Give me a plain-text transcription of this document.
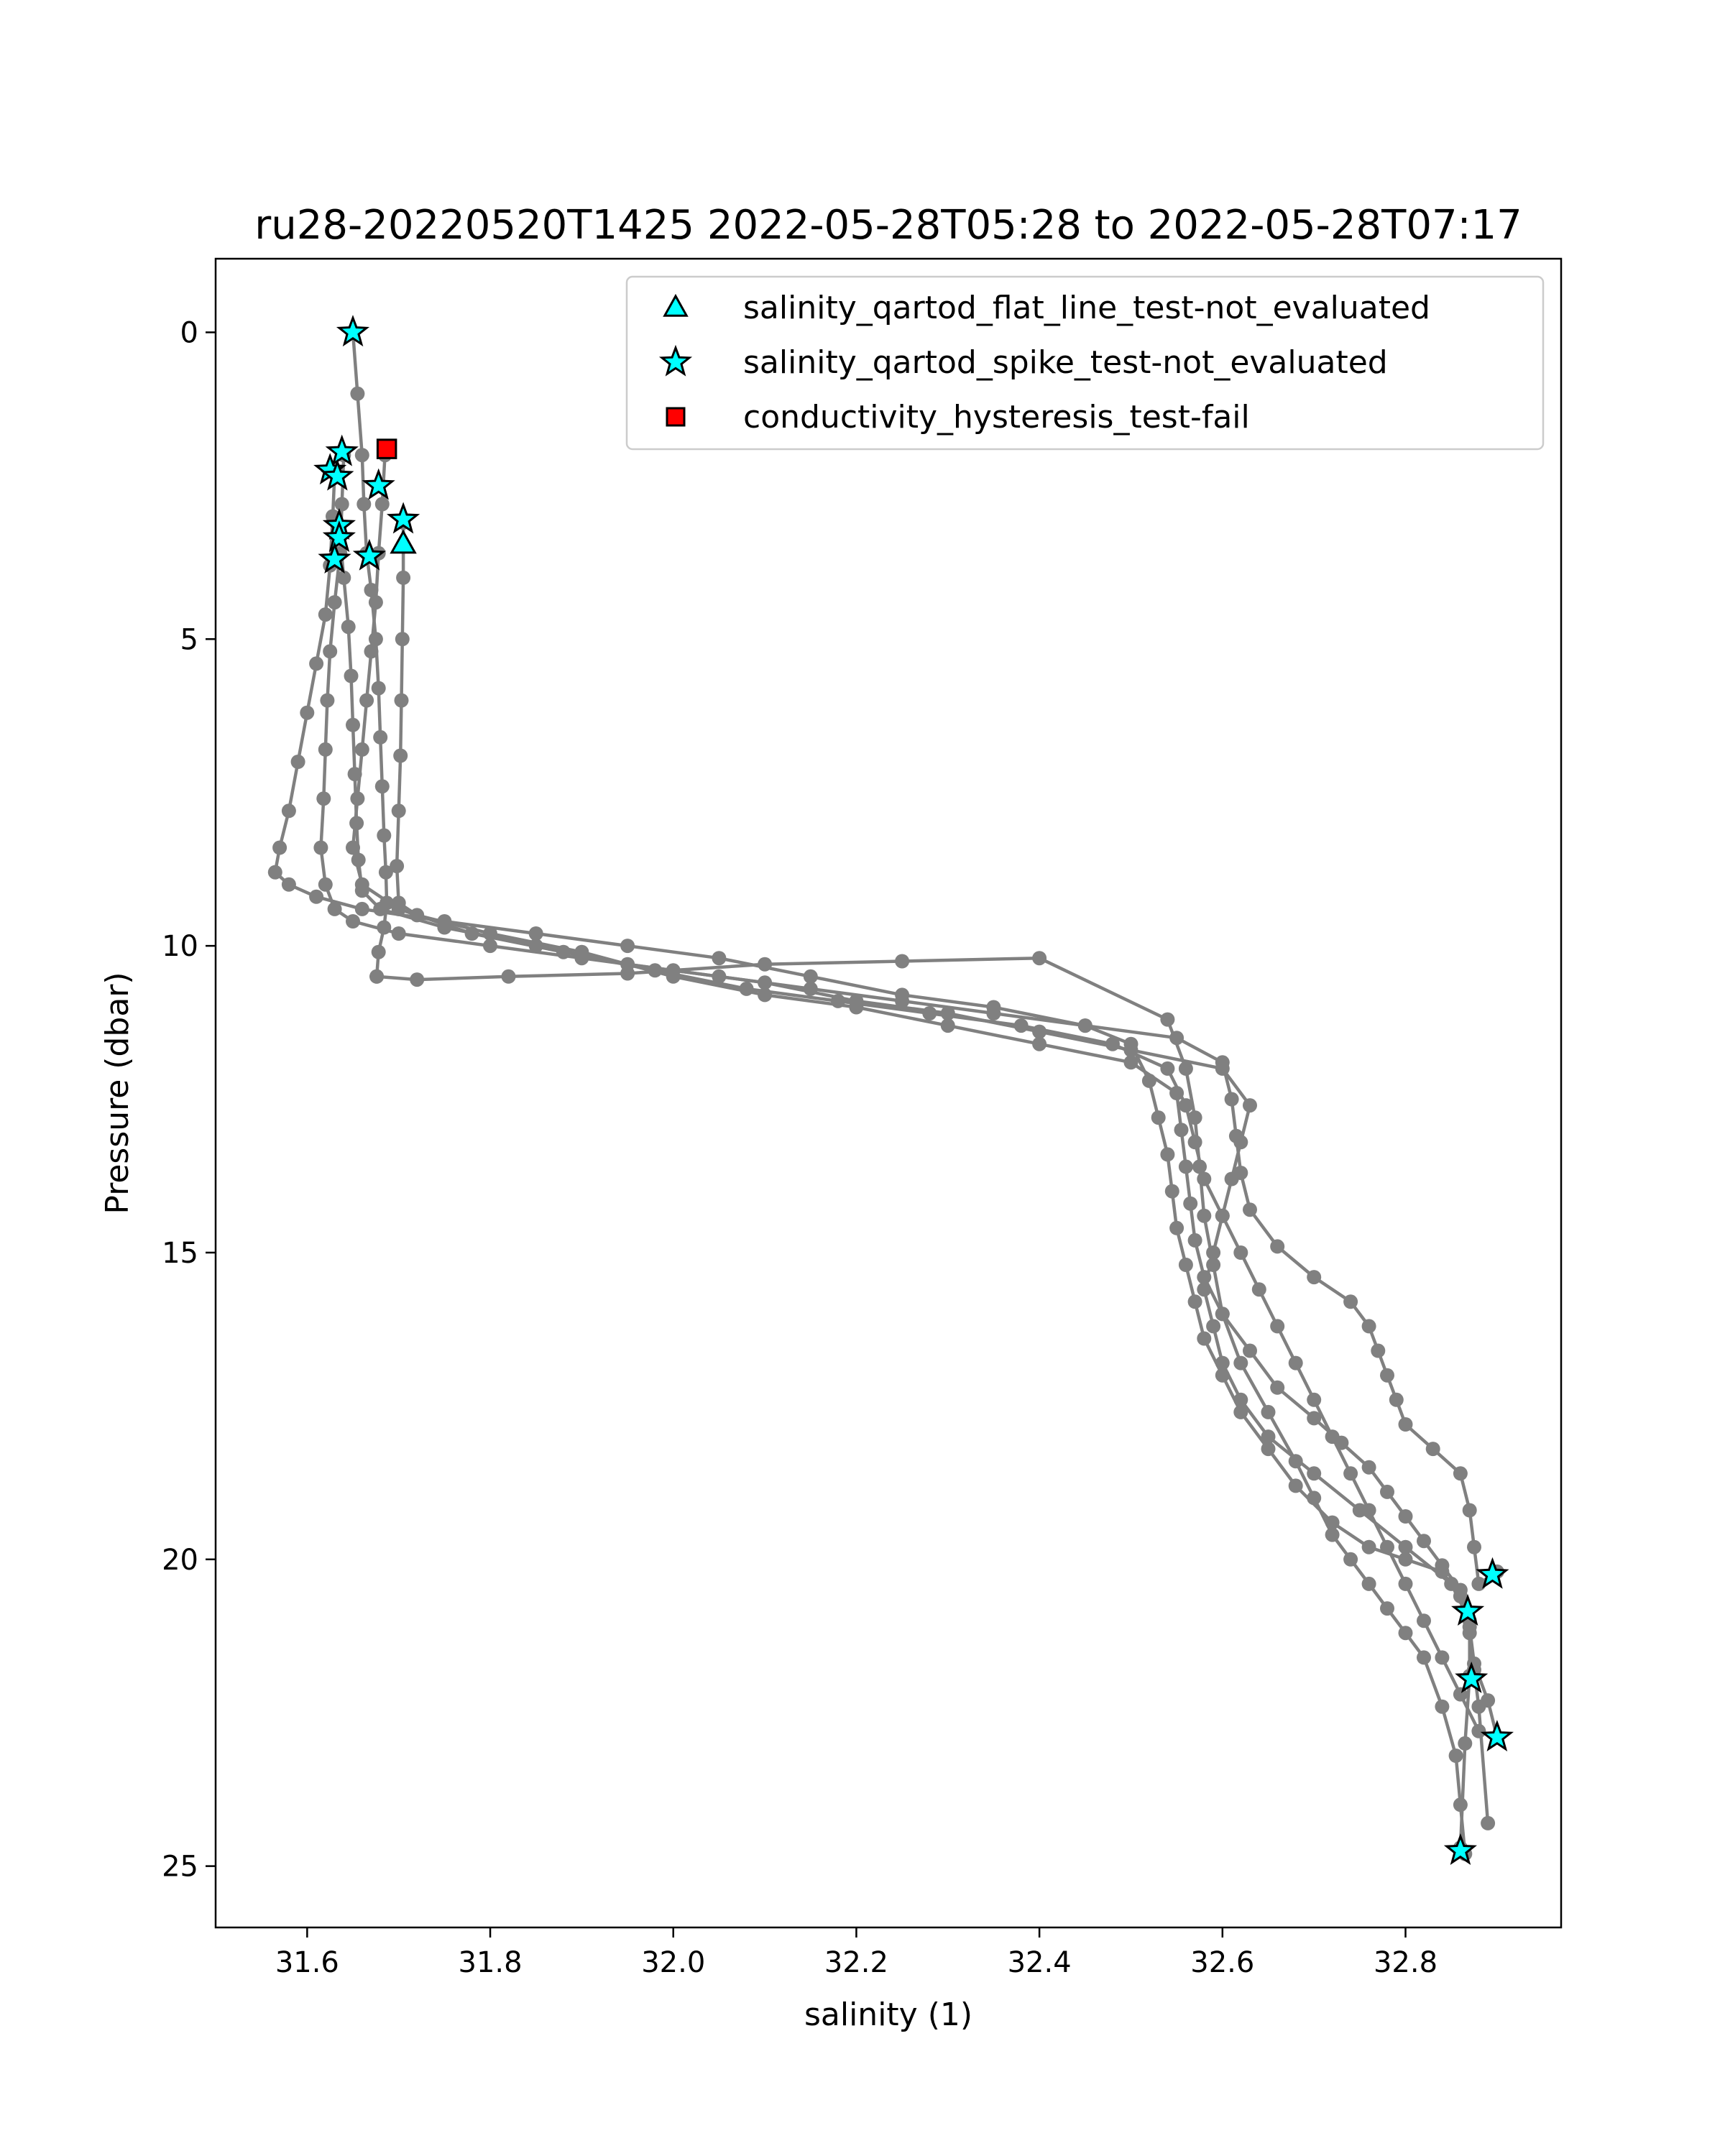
ru28-20220520T1425 2022-05-28T05:28 to 2022-05-28T07:17
31.6	31.8	32.0	32.2	32.4	32.6	32.8
0
5
10
15
20
25
salinity (1)
Pressure (dbar)
salinity_qartod_flat_line_test-not_evaluated
salinity_qartod_spike_test-not_evaluated
conductivity_hysteresis_test-fail
